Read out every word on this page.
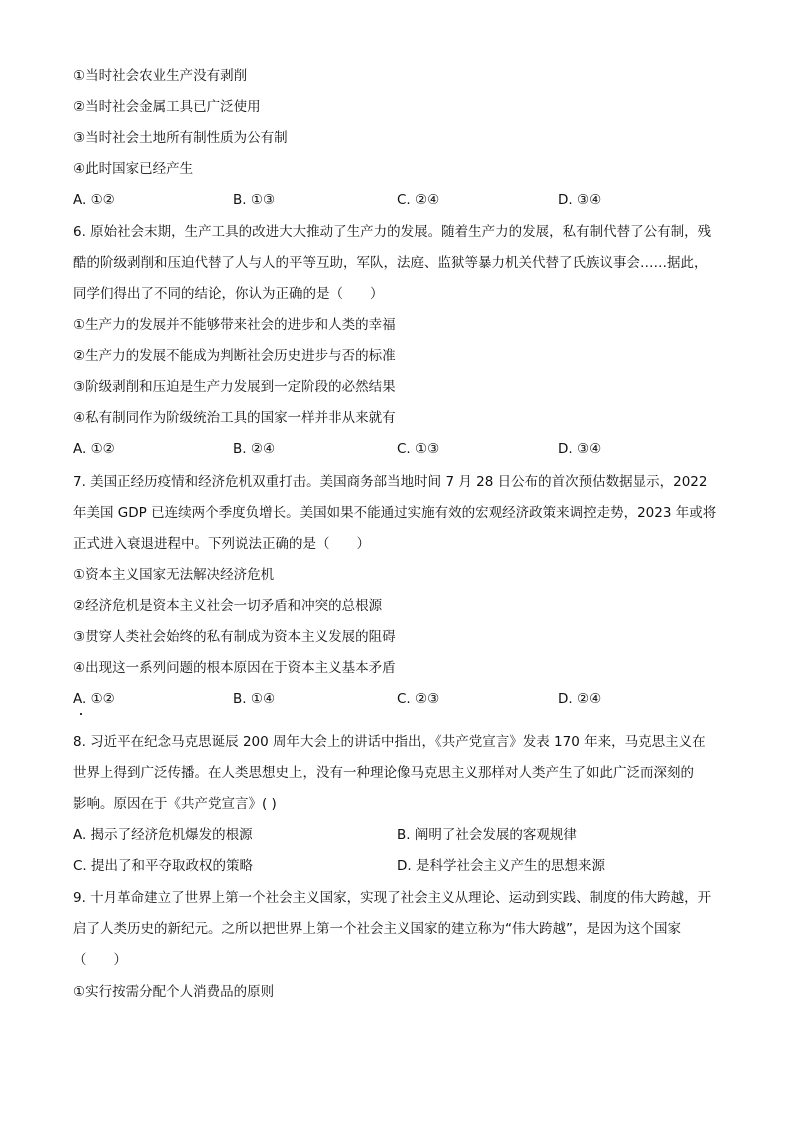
①当时社会农业生产没有剥削
②当时社会金属工具已广泛使用
③当时社会土地所有制性质为公有制
④此时国家已经产生
A. ①②	B. ①③	C. ②④	D. ③④
6. 原始社会末期，生产工具的改进大大推动了生产力的发展。随着生产力的发展，私有制代替了公有制，残
酷的阶级剥削和压迫代替了人与人的平等互助，军队，法庭、监狱等暴力机关代替了氏族议事会……据此，
同学们得出了不同的结论，你认为正确的是（　　）
①生产力的发展并不能够带来社会的进步和人类的幸福
②生产力的发展不能成为判断社会历史进步与否的标准
③阶级剥削和压迫是生产力发展到一定阶段的必然结果
④私有制同作为阶级统治工具的国家一样并非从来就有
A. ①②	B. ②④	C. ①③	D. ③④
7. 美国正经历疫情和经济危机双重打击。美国商务部当地时间 7 月 28 日公布的首次预估数据显示，2022
年美国 GDP 已连续两个季度负增长。美国如果不能通过实施有效的宏观经济政策来调控走势，2023 年或将
正式进入衰退进程中。下列说法正确的是（　　）
①资本主义国家无法解决经济危机
②经济危机是资本主义社会一切矛盾和冲突的总根源
③贯穿人类社会始终的私有制成为资本主义发展的阻碍
④出现这一系列问题的根本原因在于资本主义基本矛盾
A. ①②	B. ①④	C. ②③	D. ②④
8. 习近平在纪念马克思诞辰 200 周年大会上的讲话中指出，《共产党宣言》发表 170 年来，马克思主义在
世界上得到广泛传播。在人类思想史上，没有一种理论像马克思主义那样对人类产生了如此广泛而深刻的
影响。原因在于《共产党宣言》( )
A. 揭示了经济危机爆发的根源	B. 阐明了社会发展的客观规律
C. 提出了和平夺取政权的策略	D. 是科学社会主义产生的思想来源
9. 十月革命建立了世界上第一个社会主义国家，实现了社会主义从理论、运动到实践、制度的伟大跨越，开
启了人类历史的新纪元。之所以把世界上第一个社会主义国家的建立称为“伟大跨越”，是因为这个国家
（　　）
①实行按需分配个人消费品的原则
